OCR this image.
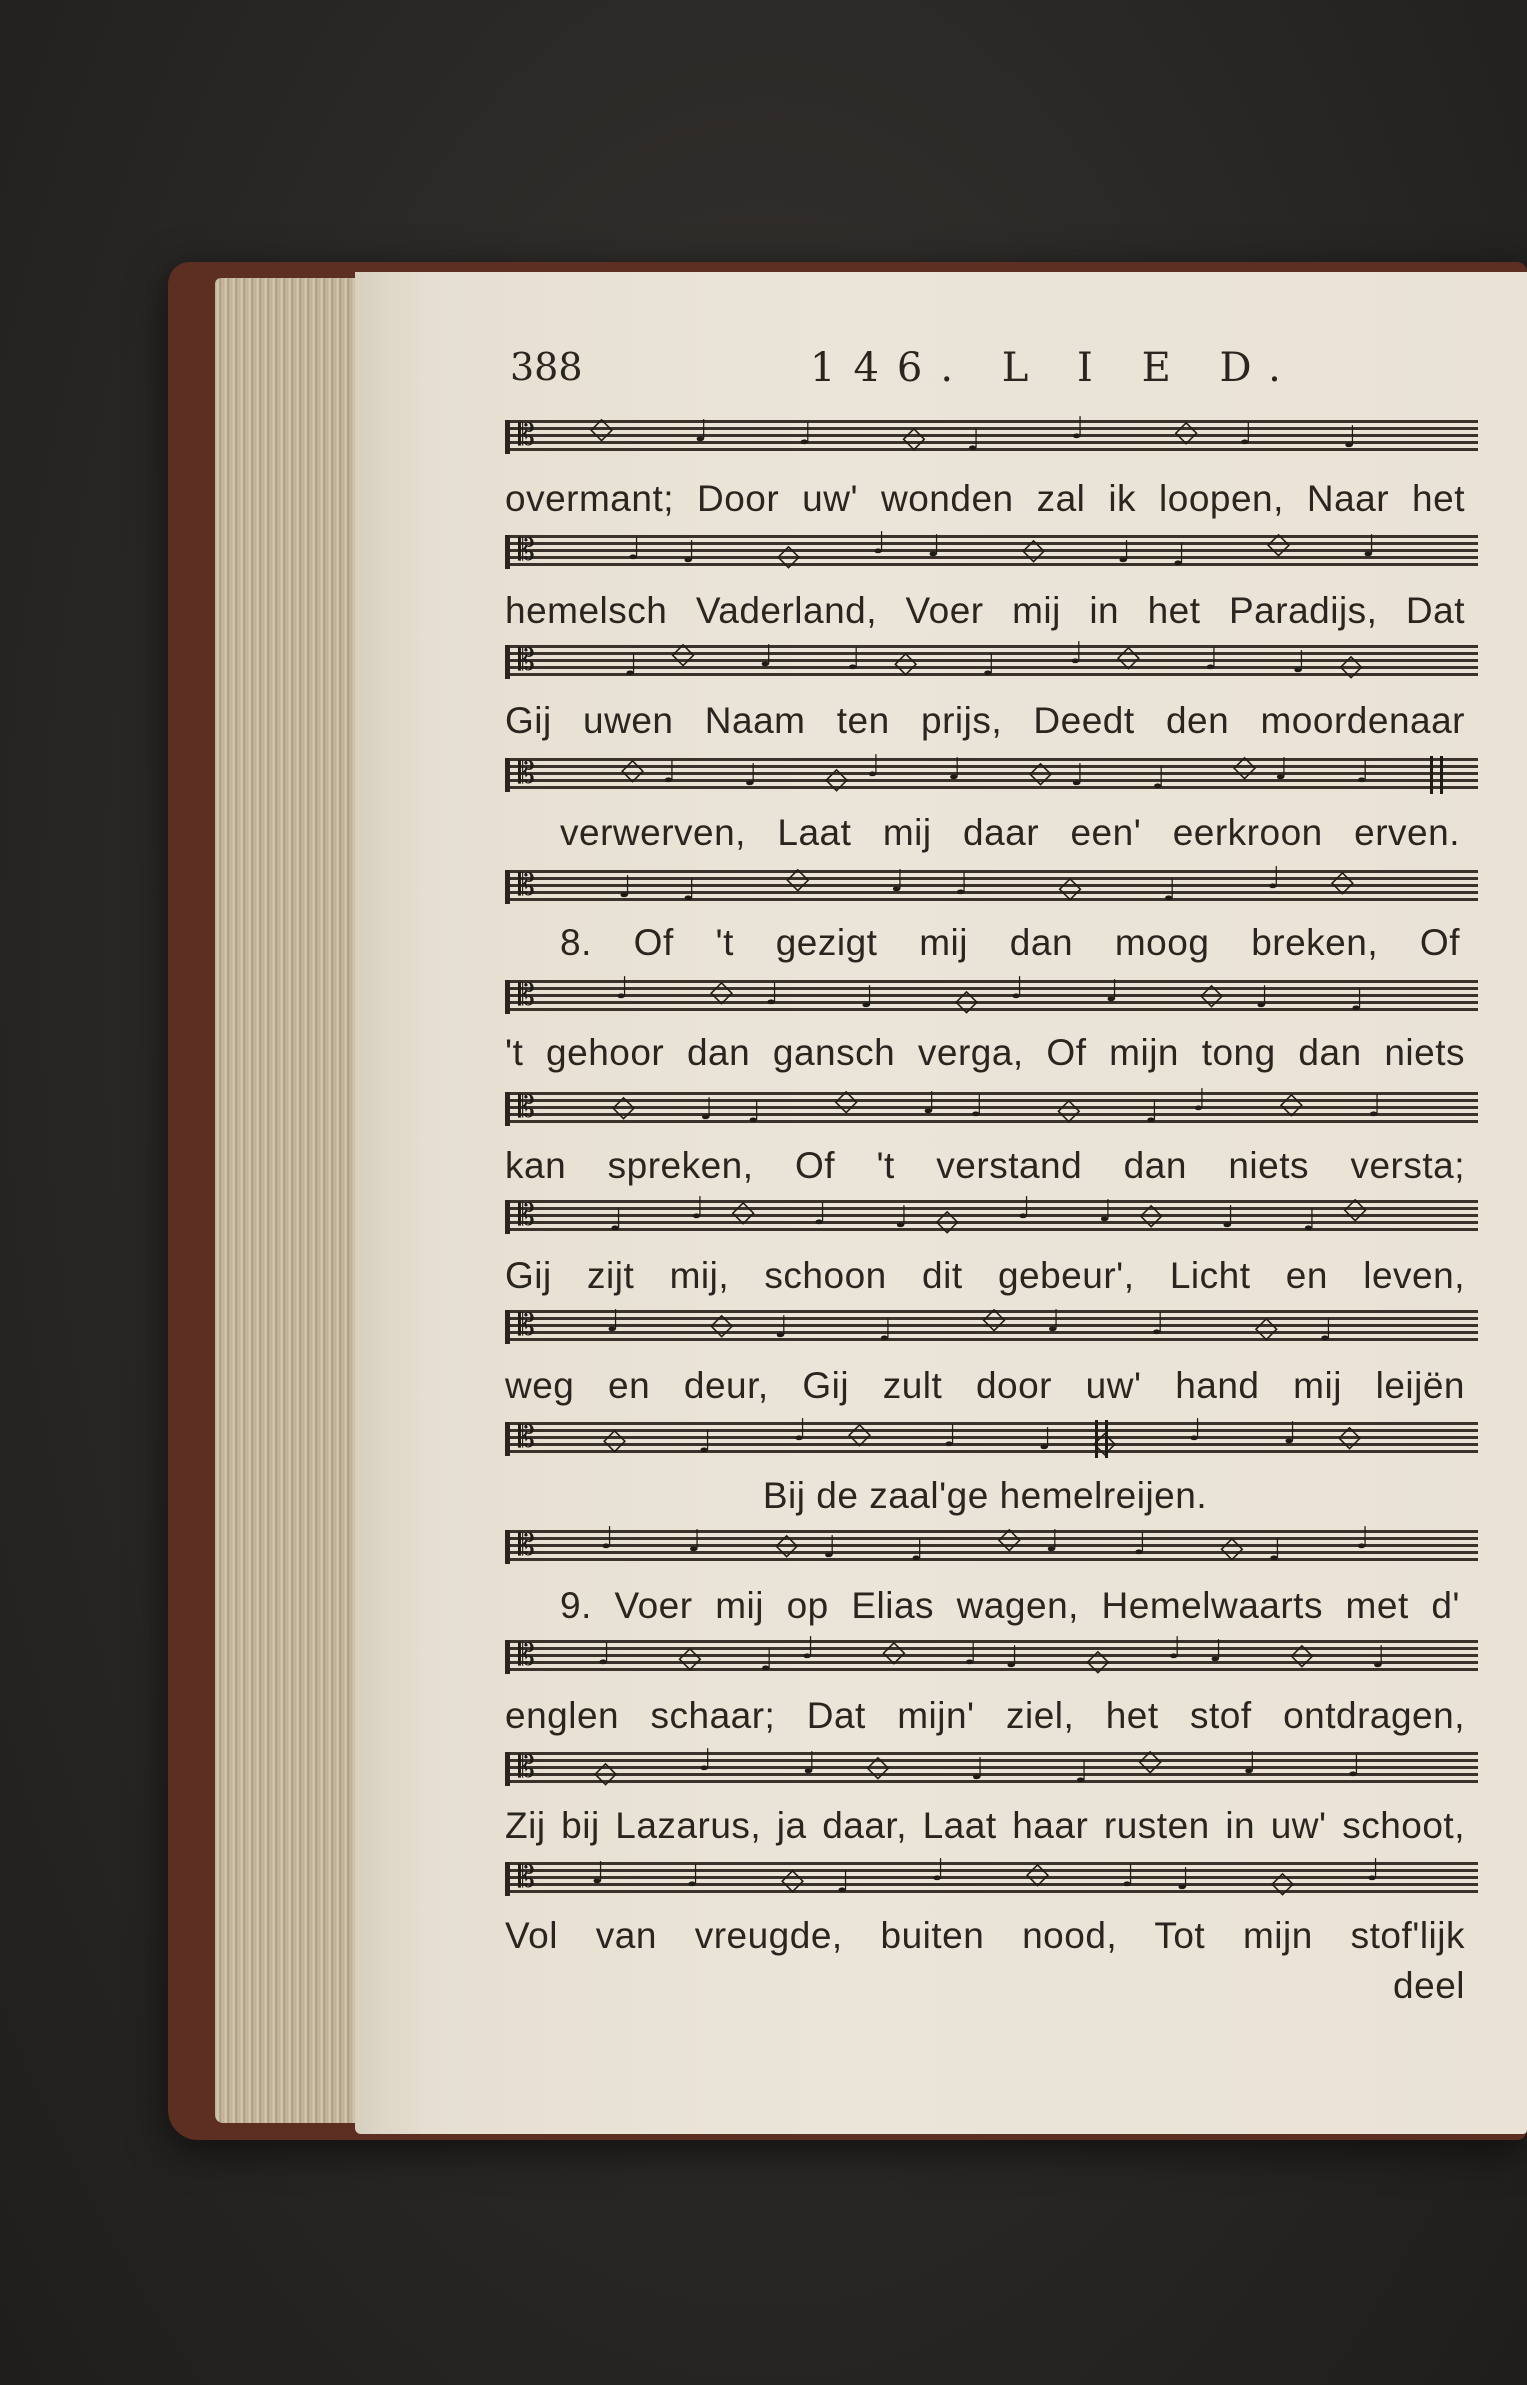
388	146. L I E D.
𝄡 ◇	♩	♩	◇ ♩	♩	◇ ♩	♩
𝄡	♩ ♩	◇ ♩ ♩	◇ ♩ ♩	◇ ♩
𝄡	♩ ◇ ♩ ♩ ◇ ♩ ♩ ◇ ♩ ♩ ◇
𝄡	◇ ♩ ♩ ◇ ♩ ♩ ◇ ♩ ♩ ◇ ♩ ♩
𝄡	♩ ♩	◇	♩ ♩	◇	♩	♩ ◇
𝄡	♩	◇ ♩	♩	◇ ♩	♩	◇ ♩	♩
𝄡	◇ ♩ ♩ ◇ ♩ ♩ ◇ ♩ ♩ ◇ ♩
𝄡 ♩ ♩ ◇ ♩ ♩ ◇ ♩ ♩ ◇ ♩ ♩ ◇
𝄡 ♩	◇ ♩	♩	◇ ♩	♩	◇ ♩
𝄡 ◇ ♩	♩ ◇ ♩	♩ ◇ ♩	♩ ◇
𝄡 ♩ ♩ ◇ ♩ ♩ ◇ ♩ ♩ ◇ ♩ ♩
𝄡 ♩ ◇ ♩ ♩ ◇ ♩ ♩ ◇ ♩ ♩ ◇ ♩
𝄡 ◇	♩	♩ ◇	♩	♩ ◇	♩	♩
𝄡 ♩	♩	◇ ♩	♩	◇ ♩ ♩	◇ ♩
overmant; Door uw' wonden zal ik loopen, Naar het
hemelsch Vaderland, Voer mij in het Paradijs, Dat
Gij uwen Naam ten prijs, Deedt den moordenaar
verwerven, Laat mij daar een' eerkroon erven.
8. Of 't gezigt mij dan moog breken, Of
't gehoor dan gansch verga, Of mijn tong dan niets
kan spreken, Of 't verstand dan niets versta;
Gij zijt mij, schoon dit gebeur', Licht en leven,
weg en deur, Gij zult door uw' hand mij leijën
Bij de zaal'ge hemelreijen.
9. Voer mij op Elias wagen, Hemelwaarts met d'
englen schaar; Dat mijn' ziel, het stof ontdragen,
Zij bij Lazarus, ja daar, Laat haar rusten in uw' schoot,
Vol van vreugde, buiten nood, Tot mijn stof'lijk
deel
